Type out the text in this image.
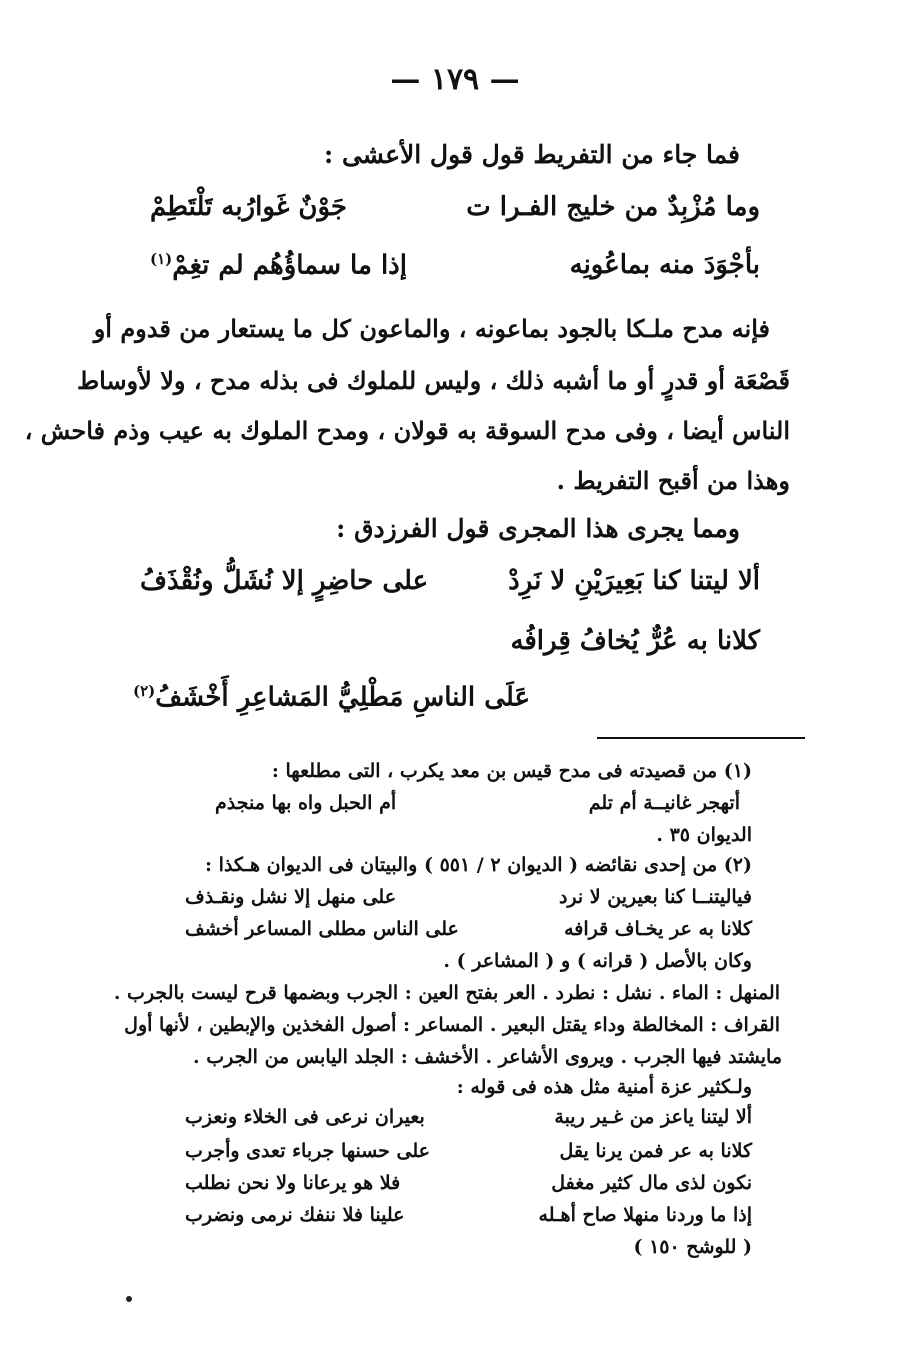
— ١٧٩ —
فما جاء من التفريط قول قول الأعشى :
وما مُزْبِدٌ من خليج الفـرا ت
جَوْنٌ غَوارُبه تَلْتَطِمْ
بأجْوَدَ منه بماعُونِه
إذا ما سماؤُهُم لم تغِمْ$^{(١)}$
فإنه مدح ملـكا بالجود بماعونه ، والماعون كل ما يستعار من قدوم أو
قَصْعَة أو قدرٍ أو ما أشبه ذلك ، وليس للملوك فى بذله مدح ، ولا لأوساط
الناس أيضا ، وفى مدح السوقة به قولان ، ومدح الملوك به عيب وذم فاحش ،
وهذا من أقبح التفريط .
ومما يجرى هذا المجرى قول الفرزدق :
ألا ليتنا كنا بَعِيرَيْنِ لا نَرِدْ
على حاضِرٍ إلا نُشَلُّ ونُقْذَفُ
كلانا به عُرٌّ يُخافُ قِرافُه
عَلَى الناسِ مَطْلِيُّ المَشاعِرِ أَخْشَفُ$^{(٢)}$
(١) من قصيدته فى مدح قيس بن معد يكرب ، التى مطلعها :
أتهجر غانيــة أم تلم
أم الحبل واه بها منجذم
الديوان ٣٥ .
(٢) من إحدى نقائضه ( الديوان ٢ / ٥٥١ ) والبيتان فى الديوان هـكذا :
فياليتنــا كنا بعيرين لا نرد
على منهل إلا نشل ونقـذف
كلانا به عر يخـاف قرافه
على الناس مطلى المساعر أخشف
وكان بالأصل ( قرانه ) و ( المشاعر ) .
المنهل : الماء . نشل : نطرد . العر بفتح العين : الجرب وبضمها قرح ليست بالجرب .
القراف : المخالطة وداء يقتل البعير . المساعر : أصول الفخذين والإبطين ، لأنها أول
مايشتد فيها الجرب . ويروى الأشاعر . الأخشف : الجلد اليابس من الجرب .
ولـكثير عزة أمنية مثل هذه فى قوله :
ألا ليتنا ياعز من غـير ريبة
بعيران نرعى فى الخلاء ونعزب
كلانا به عر فمن يرنا يقل
على حسنها جرباء تعدى وأجرب
نكون لذى مال كثير مغفل
فلا هو يرعانا ولا نحن نطلب
إذا ما وردنا منهلا صاح أهـله
علينا فلا ننفك نرمى ونضرب
( للوشح ١٥٠ )
